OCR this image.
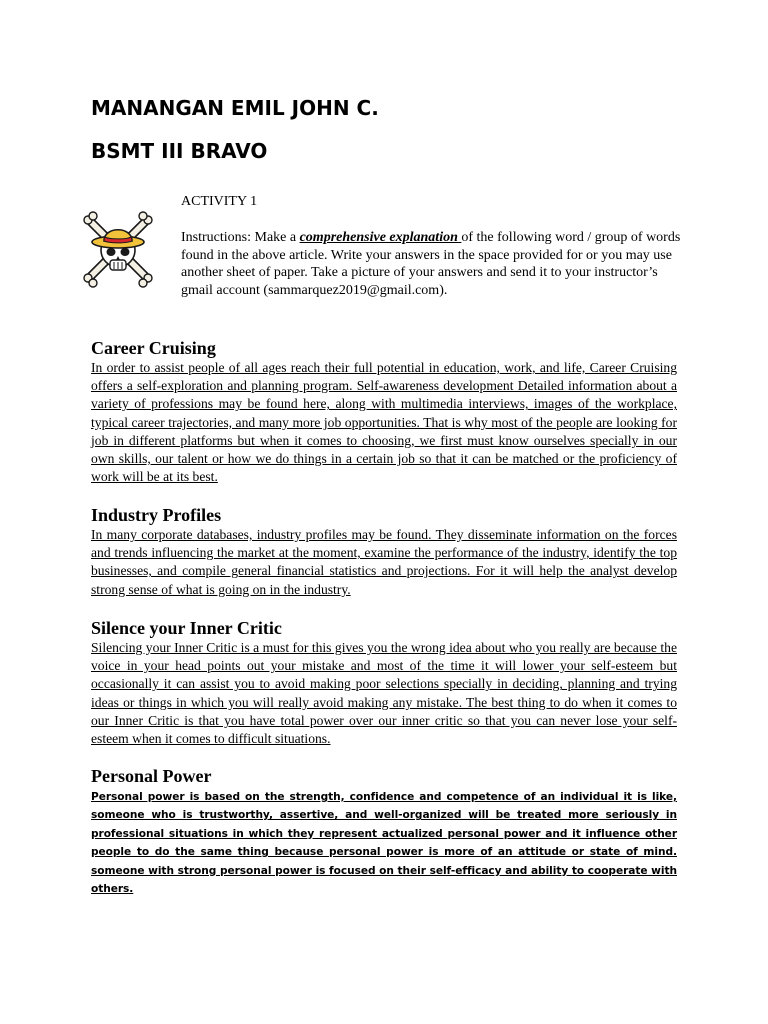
MANANGAN EMIL JOHN C.
BSMT III BRAVO

ACTIVITY 1

Instructions: Make a comprehensive explanation of the following word / group of words found in the above article. Write your answers in the space provided for or you may use another sheet of paper. Take a picture of your answers and send it to your instructor’s gmail account (sammarquez2019@gmail.com).

Career Cruising

In order to assist people of all ages reach their full potential in education, work, and life, Career Cruising offers a self-exploration and planning program. Self-awareness development Detailed information about a variety of professions may be found here, along with multimedia interviews, images of the workplace, typical career trajectories, and many more job opportunities. That is why most of the people are looking for job in different platforms but when it comes to choosing, we first must know ourselves specially in our own skills, our talent or how we do things in a certain job so that it can be matched or the proficiency of work will be at its best.

Industry Profiles

In many corporate databases, industry profiles may be found. They disseminate information on the forces and trends influencing the market at the moment, examine the performance of the industry, identify the top businesses, and compile general financial statistics and projections. For it will help the analyst develop strong sense of what is going on in the industry.

Silence your Inner Critic

Silencing your Inner Critic is a must for this gives you the wrong idea about who you really are because the voice in your head points out your mistake and most of the time it will lower your self-esteem but occasionally it can assist you to avoid making poor selections specially in deciding, planning and trying ideas or things in which you will really avoid making any mistake. The best thing to do when it comes to our Inner Critic is that you have total power over our inner critic so that you can never lose your self-esteem when it comes to difficult situations.

Personal Power

Personal power is based on the strength, confidence and competence of an individual it is like, someone who is trustworthy, assertive, and well-organized will be treated more seriously in professional situations in which they represent actualized personal power and it influence other people to do the same thing because personal power is more of an attitude or state of mind. someone with strong personal power is focused on their self-efficacy and ability to cooperate with others.
